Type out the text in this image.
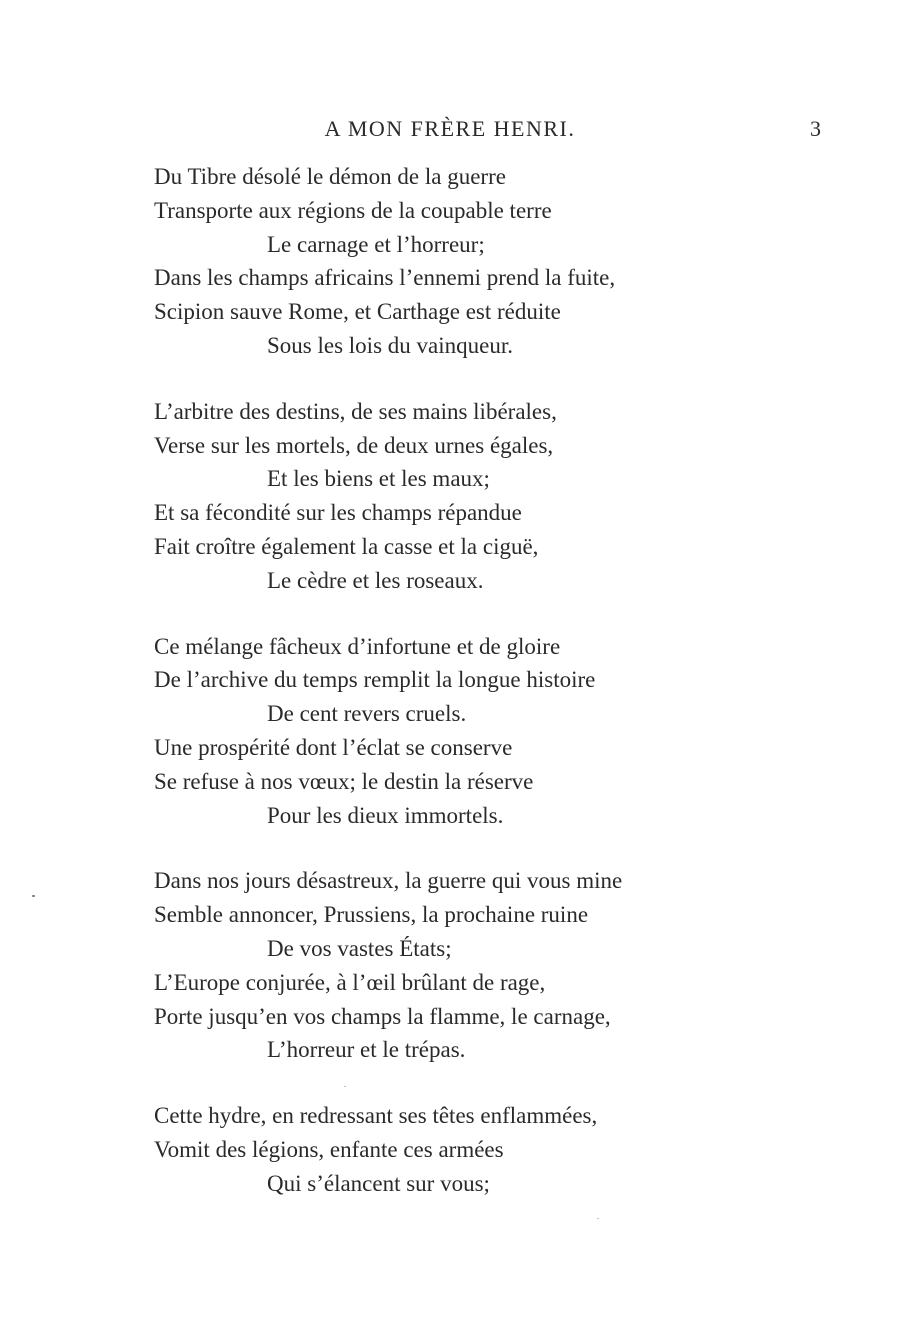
A MON FRÈRE HENRI.	3
Du Tibre désolé le démon de la guerre
Transporte aux régions de la coupable terre
Le carnage et l’horreur;
Dans les champs africains l’ennemi prend la fuite,
Scipion sauve Rome, et Carthage est réduite
Sous les lois du vainqueur.
L’arbitre des destins, de ses mains libérales,
Verse sur les mortels, de deux urnes égales,
Et les biens et les maux;
Et sa fécondité sur les champs répandue
Fait croître également la casse et la ciguë,
Le cèdre et les roseaux.
Ce mélange fâcheux d’infortune et de gloire
De l’archive du temps remplit la longue histoire
De cent revers cruels.
Une prospérité dont l’éclat se conserve
Se refuse à nos vœux; le destin la réserve
Pour les dieux immortels.
Dans nos jours désastreux, la guerre qui vous mine
Semble annoncer, Prussiens, la prochaine ruine
De vos vastes États;
L’Europe conjurée, à l’œil brûlant de rage,
Porte jusqu’en vos champs la flamme, le carnage,
L’horreur et le trépas.
Cette hydre, en redressant ses têtes enflammées,
Vomit des légions, enfante ces armées
Qui s’élancent sur vous;
